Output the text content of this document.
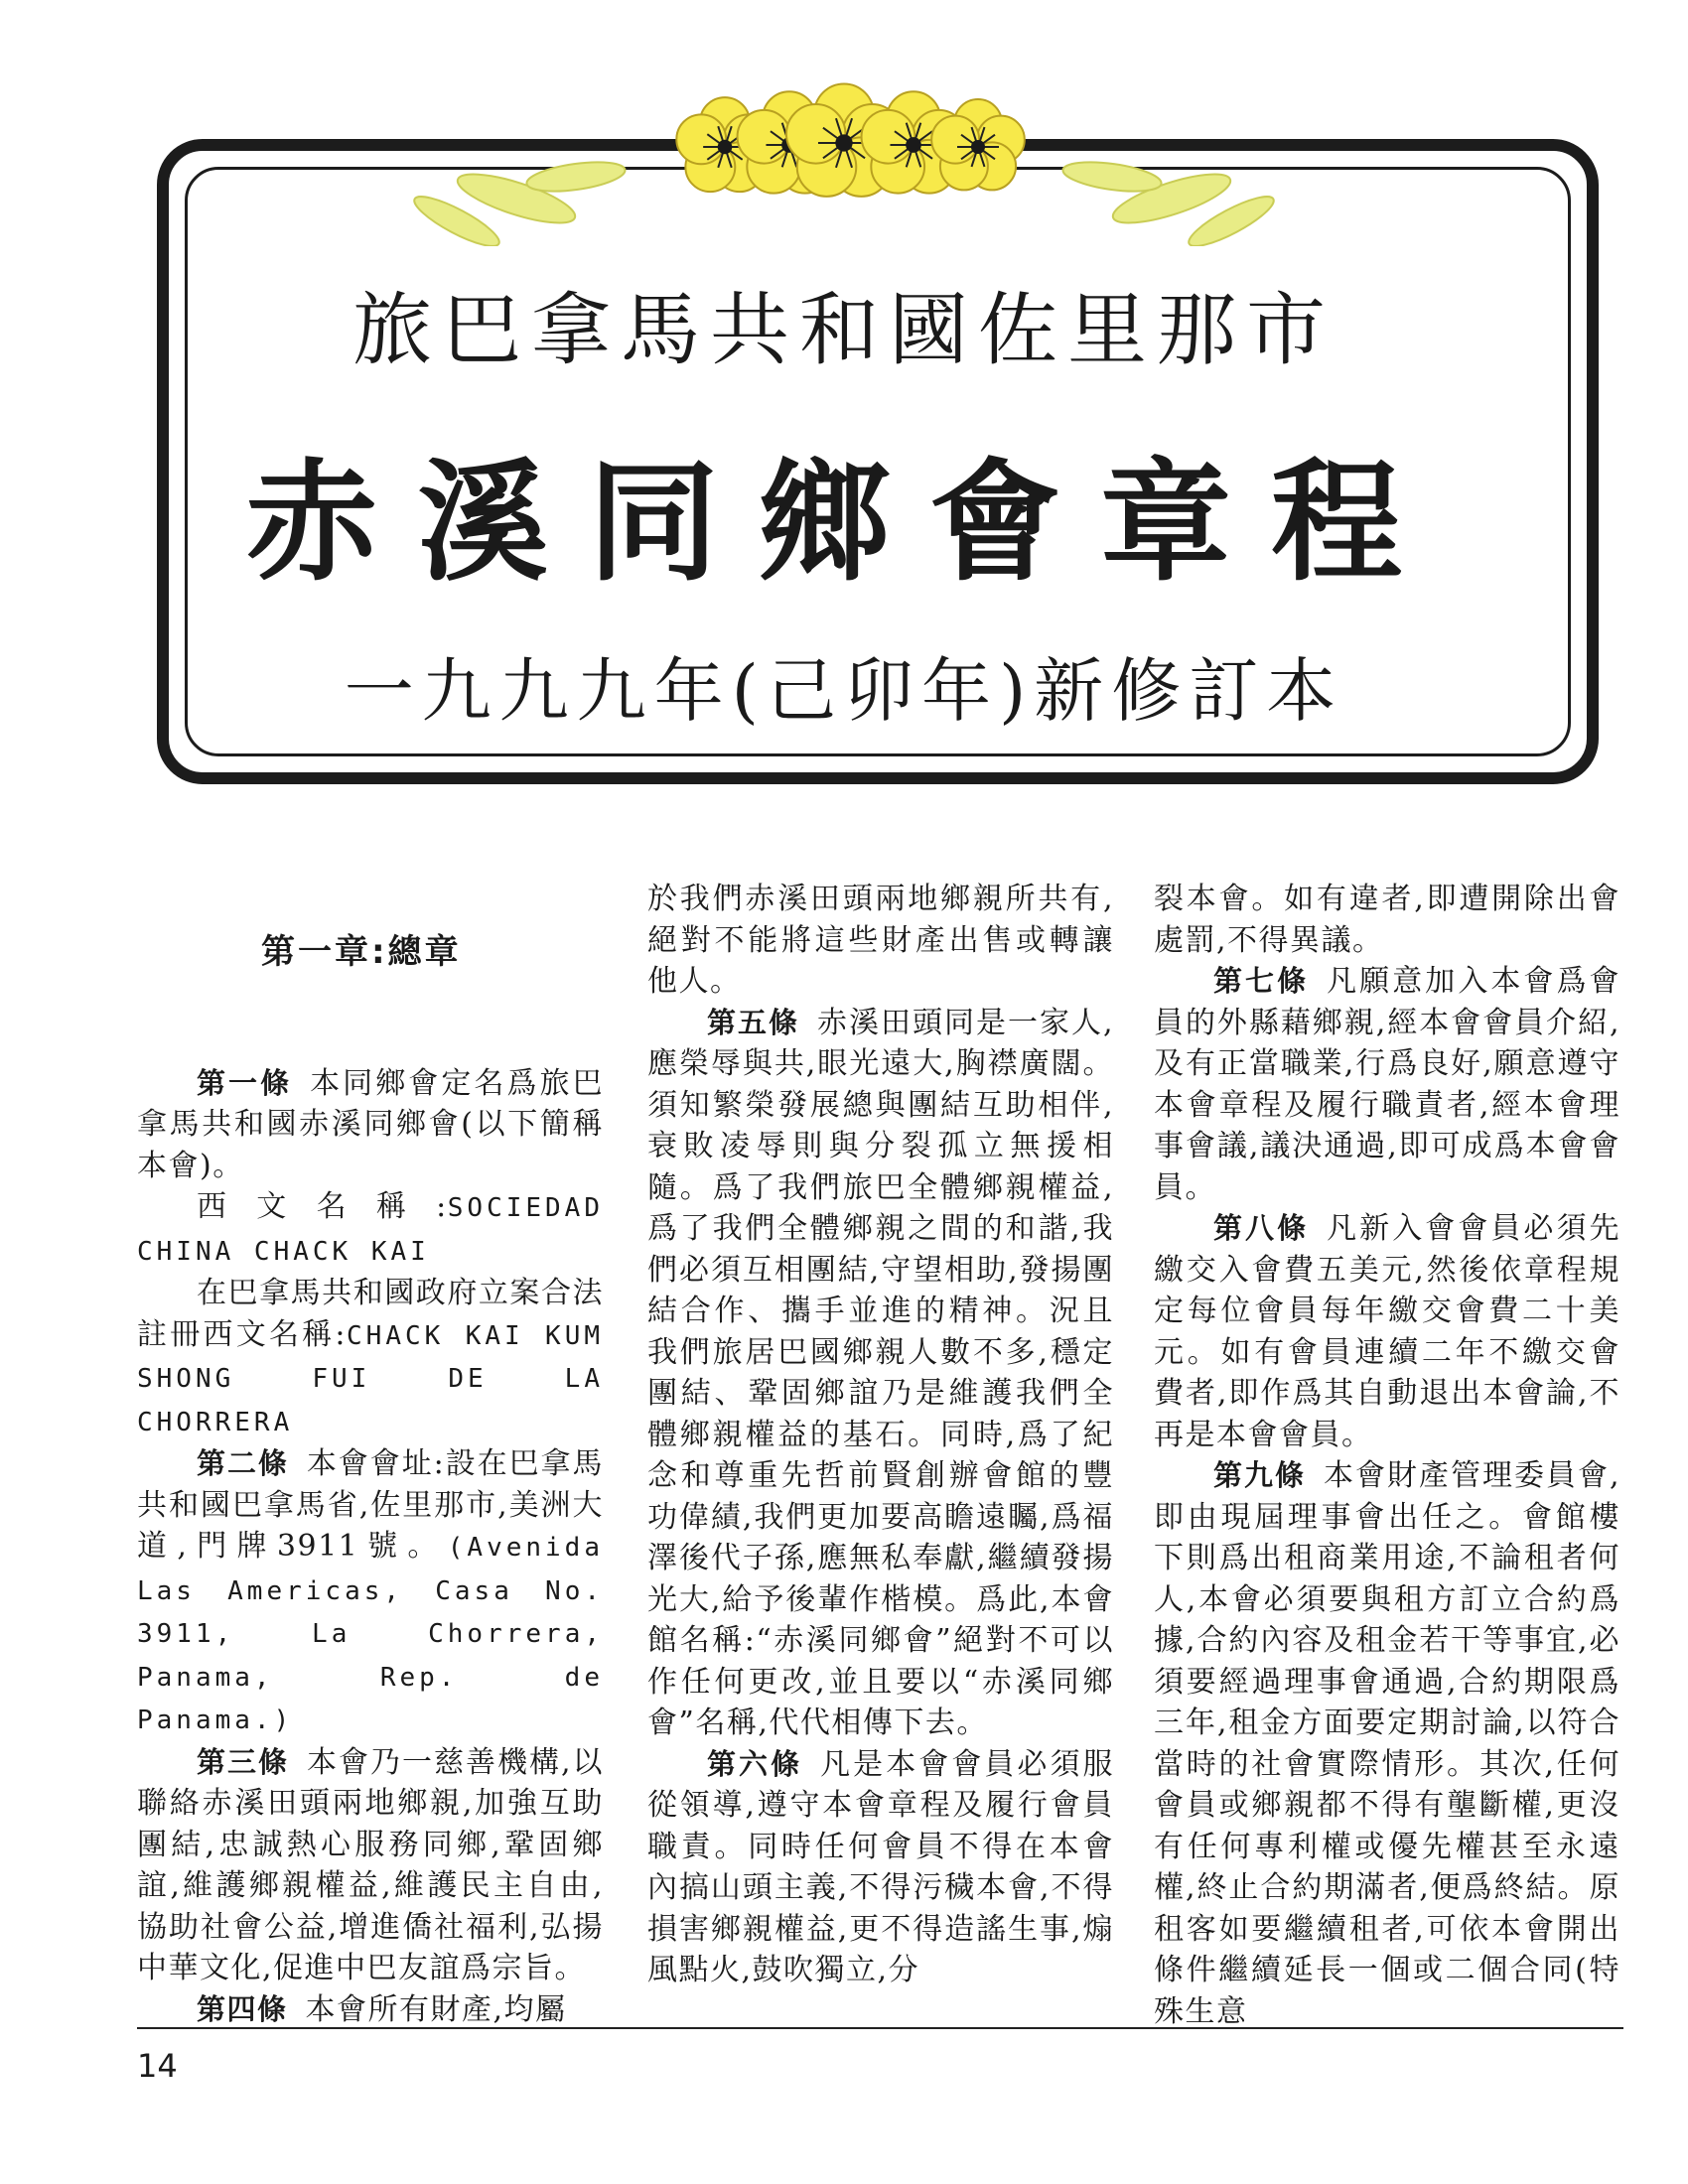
旅巴拿馬共和國佐里那市
赤溪同鄉會章程
一九九九年(己卯年)新修訂本
第一章:總章

第一條 本同鄉會定名爲旅巴拿馬共和國赤溪同鄉會(以下簡稱本會)。

西文名稱:SOCIEDAD CHINA CHACK KAI

在巴拿馬共和國政府立案合法註冊西文名稱:CHACK KAI KUM SHONG FUI DE LA CHORRERA

第二條 本會會址:設在巴拿馬共和國巴拿馬省,佐里那市,美洲大道,門牌3911號。(Avenida Las Americas, Casa No. 3911, La Chorrera, Panama, Rep. de Panama.)

第三條 本會乃一慈善機構,以聯絡赤溪田頭兩地鄉親,加強互助團結,忠誠熱心服務同鄉,鞏固鄉誼,維護鄉親權益,維護民主自由,協助社會公益,增進僑社福利,弘揚中華文化,促進中巴友誼爲宗旨。

第四條 本會所有財產,均屬

於我們赤溪田頭兩地鄉親所共有,絕對不能將這些財產出售或轉讓他人。

第五條 赤溪田頭同是一家人,應榮辱與共,眼光遠大,胸襟廣闊。須知繁榮發展總與團結互助相伴,衰敗凌辱則與分裂孤立無援相隨。爲了我們旅巴全體鄉親權益,爲了我們全體鄉親之間的和諧,我們必須互相團結,守望相助,發揚團結合作、攜手並進的精神。況且我們旅居巴國鄉親人數不多,穩定團結、鞏固鄉誼乃是維護我們全體鄉親權益的基石。同時,爲了紀念和尊重先哲前賢創辦會館的豐功偉績,我們更加要高瞻遠矚,爲福澤後代子孫,應無私奉獻,繼續發揚光大,給予後輩作楷模。爲此,本會館名稱:“赤溪同鄉會”絕對不可以作任何更改,並且要以“赤溪同鄉會”名稱,代代相傳下去。

第六條 凡是本會會員必須服從領導,遵守本會章程及履行會員職責。同時任何會員不得在本會內搞山頭主義,不得污穢本會,不得損害鄉親權益,更不得造謠生事,煽風點火,鼓吹獨立,分

裂本會。如有違者,即遭開除出會處罰,不得異議。

第七條 凡願意加入本會爲會員的外縣藉鄉親,經本會會員介紹,及有正當職業,行爲良好,願意遵守本會章程及履行職責者,經本會理事會議,議決通過,即可成爲本會會員。

第八條 凡新入會會員必須先繳交入會費五美元,然後依章程規定每位會員每年繳交會費二十美元。如有會員連續二年不繳交會費者,即作爲其自動退出本會論,不再是本會會員。

第九條 本會財產管理委員會,即由現屆理事會出任之。會館樓下則爲出租商業用途,不論租者何人,本會必須要與租方訂立合約爲據,合約內容及租金若干等事宜,必須要經過理事會通過,合約期限爲三年,租金方面要定期討論,以符合當時的社會實際情形。其次,任何會員或鄉親都不得有壟斷權,更沒有任何專利權或優先權甚至永遠權,終止合約期滿者,便爲終結。原租客如要繼續租者,可依本會開出條件繼續延長一個或二個合同(特殊生意

14
